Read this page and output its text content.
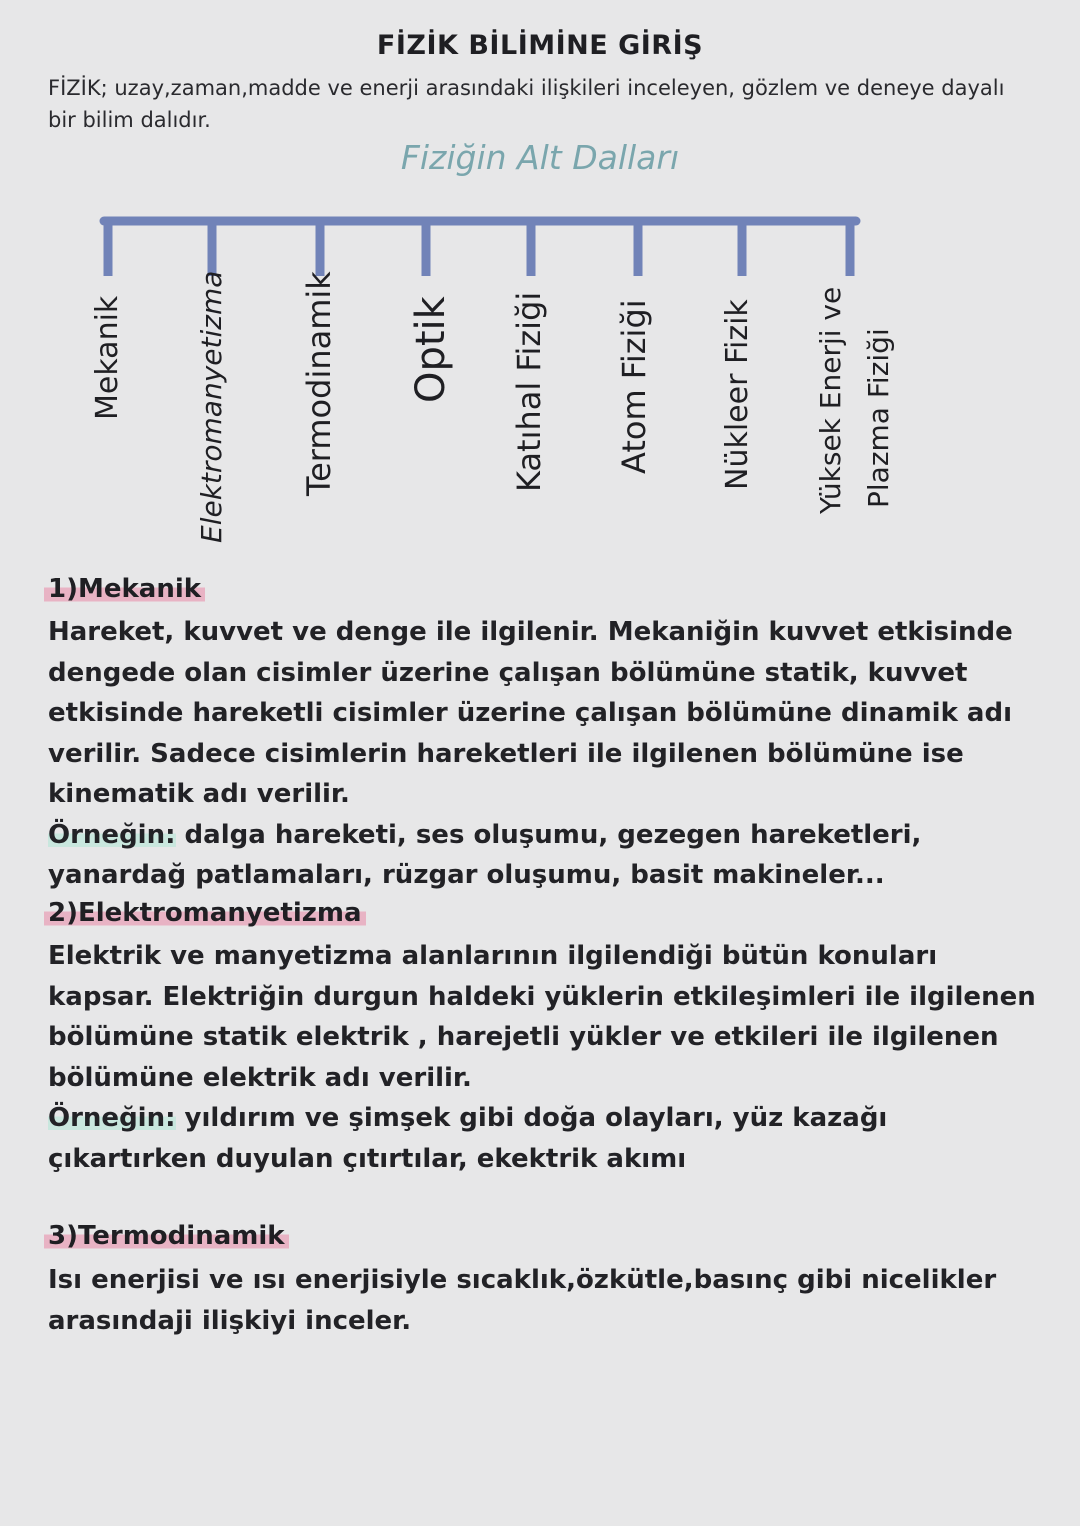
FİZİK BİLİMİNE GİRİŞ
FİZİK; uzay,zaman,madde ve enerji arasındaki ilişkileri inceleyen, gözlem ve deneye dayalı bir bilim dalıdır.
Fiziğin Alt Dalları
Mekanik	Elektromanyetizma Termodinamik Optik Katıhal Fiziği Atom Fiziği Nükleer Fizik Yüksek Enerji ve Plazma Fiziği
1)Mekanik
Hareket, kuvvet ve denge ile ilgilenir. Mekaniğin kuvvet etkisinde dengede olan cisimler üzerine çalışan bölümüne statik, kuvvet etkisinde hareketli cisimler üzerine çalışan bölümüne dinamik adı verilir. Sadece cisimlerin hareketleri ile ilgilenen bölümüne ise kinematik adı verilir.
Örneğin: dalga hareketi, ses oluşumu, gezegen hareketleri, yanardağ patlamaları, rüzgar oluşumu, basit makineler...
2)Elektromanyetizma
Elektrik ve manyetizma alanlarının ilgilendiği bütün konuları kapsar. Elektriğin durgun haldeki yüklerin etkileşimleri ile ilgilenen bölümüne statik elektrik , harejetli yükler ve etkileri ile ilgilenen bölümüne elektrik adı verilir.
Örneğin: yıldırım ve şimşek gibi doğa olayları, yüz kazağı çıkartırken duyulan çıtırtılar, ekektrik akımı
3)Termodinamik
Isı enerjisi ve ısı enerjisiyle sıcaklık,özkütle,basınç gibi nicelikler arasındaji ilişkiyi inceler.
